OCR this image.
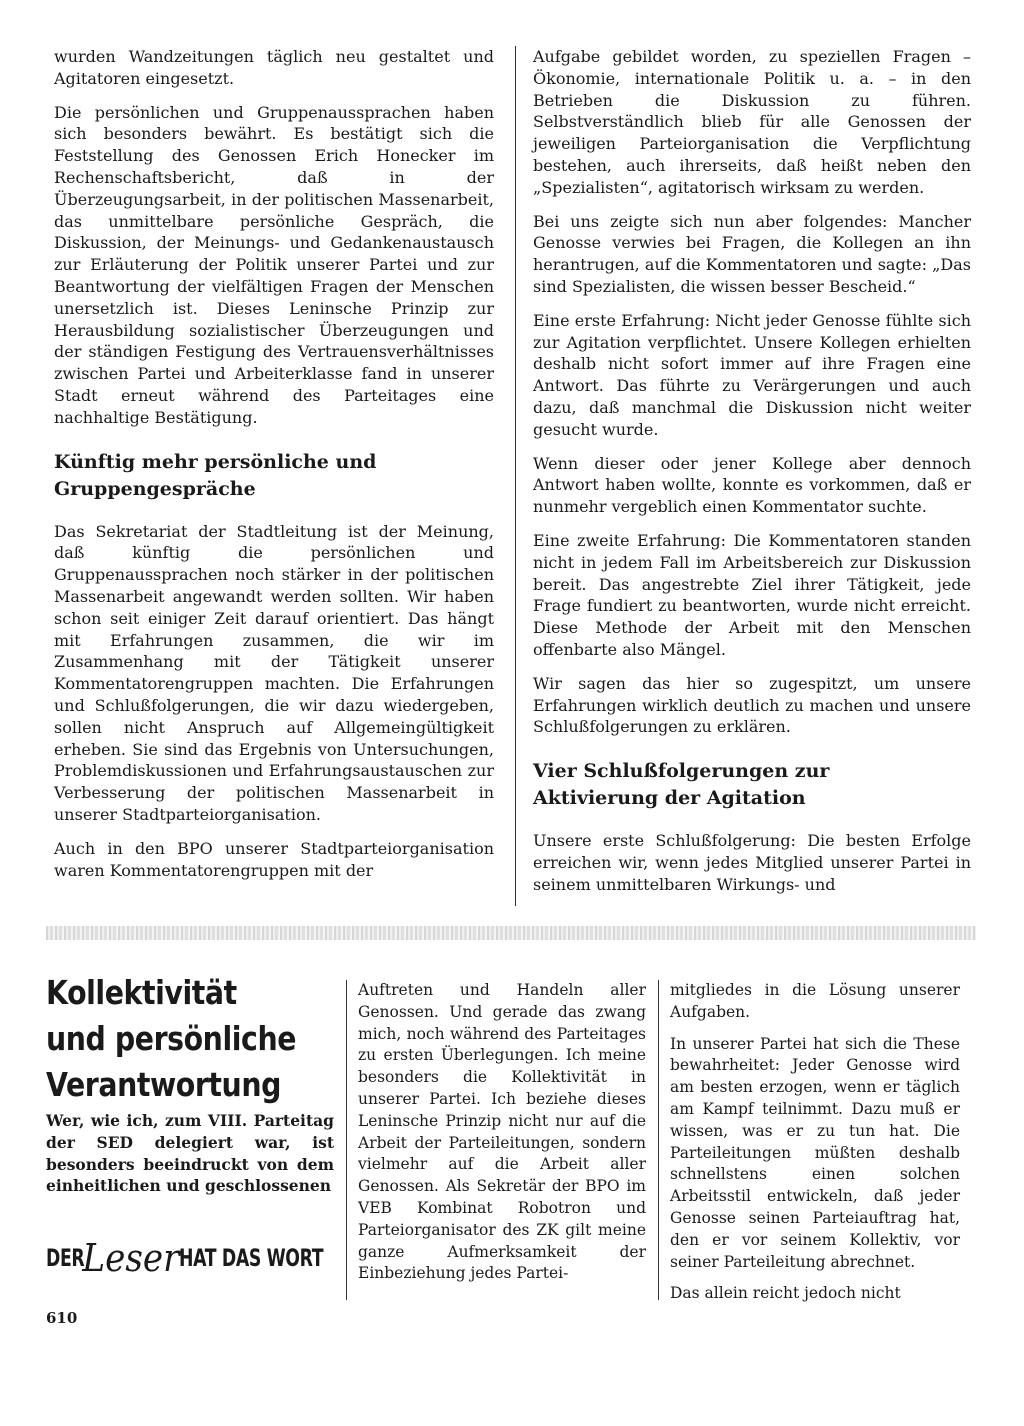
wurden Wandzeitungen täglich neu gestaltet und Agitatoren eingesetzt.

Die persönlichen und Gruppenaussprachen haben sich besonders bewährt. Es bestätigt sich die Feststellung des Genossen Erich Honecker im Rechenschaftsbericht, daß in der Überzeugungsarbeit, in der politischen Massenarbeit, das unmittelbare persönliche Gespräch, die Diskussion, der Meinungs- und Gedankenaustausch zur Erläuterung der Politik unserer Partei und zur Beantwortung der vielfältigen Fragen der Menschen unersetzlich ist. Dieses Leninsche Prinzip zur Herausbildung sozialistischer Überzeugungen und der ständigen Festigung des Vertrauensverhältnisses zwischen Partei und Arbeiterklasse fand in unserer Stadt erneut während des Parteitages eine nachhaltige Bestätigung.

Künftig mehr persönliche und Gruppengespräche

Das Sekretariat der Stadtleitung ist der Meinung, daß künftig die persönlichen und Gruppenaussprachen noch stärker in der politischen Massenarbeit angewandt werden sollten. Wir haben schon seit einiger Zeit darauf orientiert. Das hängt mit Erfahrungen zusammen, die wir im Zusammenhang mit der Tätigkeit unserer Kommentatorengruppen machten. Die Erfahrungen und Schlußfolgerungen, die wir dazu wiedergeben, sollen nicht Anspruch auf Allgemeingültigkeit erheben. Sie sind das Ergebnis von Untersuchungen, Problemdiskussionen und Erfahrungsaustauschen zur Verbesserung der politischen Massenarbeit in unserer Stadtparteiorganisation.

Auch in den BPO unserer Stadtparteiorganisation waren Kommentatorengruppen mit der

Aufgabe gebildet worden, zu speziellen Fragen – Ökonomie, internationale Politik u. a. – in den Betrieben die Diskussion zu führen. Selbstverständlich blieb für alle Genossen der jeweiligen Parteiorganisation die Verpflichtung bestehen, auch ihrerseits, daß heißt neben den „Spezialisten“, agitatorisch wirksam zu werden.

Bei uns zeigte sich nun aber folgendes: Mancher Genosse verwies bei Fragen, die Kollegen an ihn herantrugen, auf die Kommentatoren und sagte: „Das sind Spezialisten, die wissen besser Bescheid.“

Eine erste Erfahrung: Nicht jeder Genosse fühlte sich zur Agitation verpflichtet. Unsere Kollegen erhielten deshalb nicht sofort immer auf ihre Fragen eine Antwort. Das führte zu Verärgerungen und auch dazu, daß manchmal die Diskussion nicht weiter gesucht wurde.

Wenn dieser oder jener Kollege aber dennoch Antwort haben wollte, konnte es vorkommen, daß er nunmehr vergeblich einen Kommentator suchte.

Eine zweite Erfahrung: Die Kommentatoren standen nicht in jedem Fall im Arbeitsbereich zur Diskussion bereit. Das angestrebte Ziel ihrer Tätigkeit, jede Frage fundiert zu beantworten, wurde nicht erreicht. Diese Methode der Arbeit mit den Menschen offenbarte also Mängel.

Wir sagen das hier so zugespitzt, um unsere Erfahrungen wirklich deutlich zu machen und unsere Schlußfolgerungen zu erklären.

Vier Schlußfolgerungen zur Aktivierung der Agitation

Unsere erste Schlußfolgerung: Die besten Erfolge erreichen wir, wenn jedes Mitglied unserer Partei in seinem unmittelbaren Wirkungs- und

Kollektivität und persönliche Verantwortung

Wer, wie ich, zum VIII. Parteitag der SED delegiert war, ist besonders beeindruckt von dem einheitlichen und geschlossenen

DER
Leser HAT DAS WORT
610

Auftreten und Handeln aller Genossen. Und gerade das zwang mich, noch während des Parteitages zu ersten Überlegungen. Ich meine besonders die Kollektivität in unserer Partei. Ich beziehe dieses Leninsche Prinzip nicht nur auf die Arbeit der Parteileitungen, sondern vielmehr auf die Arbeit aller Genossen. Als Sekretär der BPO im VEB Kombinat Robotron und Parteiorganisator des ZK gilt meine ganze Aufmerksamkeit der Einbeziehung jedes Partei-

mitgliedes in die Lösung unserer Aufgaben.

In unserer Partei hat sich die These bewahrheitet: Jeder Genosse wird am besten erzogen, wenn er täglich am Kampf teilnimmt. Dazu muß er wissen, was er zu tun hat. Die Parteileitungen müßten deshalb schnellstens einen solchen Arbeitsstil entwickeln, daß jeder Genosse seinen Parteiauftrag hat, den er vor seinem Kollektiv, vor seiner Parteileitung abrechnet.

Das allein reicht jedoch nicht
